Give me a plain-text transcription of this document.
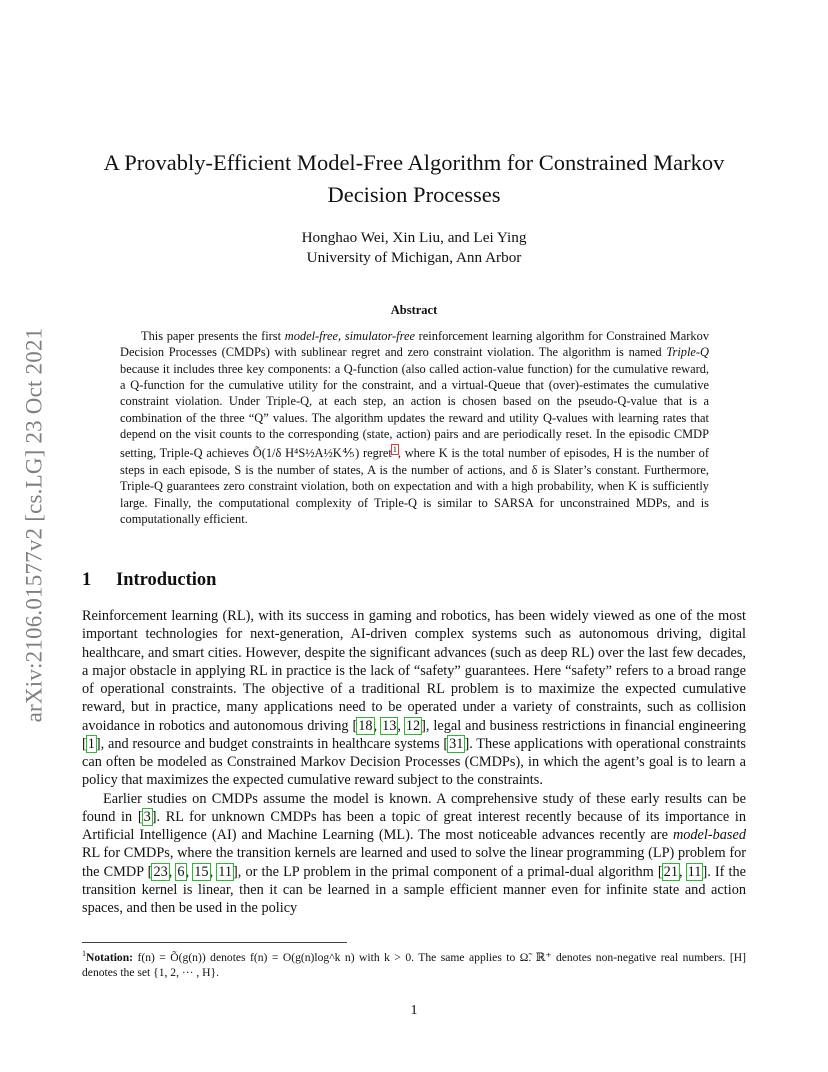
arXiv:2106.01577v2 [cs.LG] 23 Oct 2021
A Provably-Efficient Model-Free Algorithm for Constrained Markov Decision Processes
Honghao Wei, Xin Liu, and Lei Ying
University of Michigan, Ann Arbor
Abstract

This paper presents the first model-free, simulator-free reinforcement learning algorithm for Constrained Markov Decision Processes (CMDPs) with sublinear regret and zero constraint violation. The algorithm is named Triple-Q because it includes three key components: a Q-function (also called action-value function) for the cumulative reward, a Q-function for the cumulative utility for the constraint, and a virtual-Queue that (over)-estimates the cumulative constraint violation. Under Triple-Q, at each step, an action is chosen based on the pseudo-Q-value that is a combination of the three “Q” values. The algorithm updates the reward and utility Q-values with learning rates that depend on the visit counts to the corresponding (state, action) pairs and are periodically reset. In the episodic CMDP setting, Triple-Q achieves Õ(1/δ H⁴S½A½K⅘) regret$^1$, where K is the total number of episodes, H is the number of steps in each episode, S is the number of states, A is the number of actions, and δ is Slater’s constant. Furthermore, Triple-Q guarantees zero constraint violation, both on expectation and with a high probability, when K is sufficiently large. Finally, the computational complexity of Triple-Q is similar to SARSA for unconstrained MDPs, and is computationally efficient.

1 Introduction

Reinforcement learning (RL), with its success in gaming and robotics, has been widely viewed as one of the most important technologies for next-generation, AI-driven complex systems such as autonomous driving, digital healthcare, and smart cities. However, despite the significant advances (such as deep RL) over the last few decades, a major obstacle in applying RL in practice is the lack of “safety” guarantees. Here “safety” refers to a broad range of operational constraints. The objective of a traditional RL problem is to maximize the expected cumulative reward, but in practice, many applications need to be operated under a variety of constraints, such as collision avoidance in robotics and autonomous driving [18, 13, 12], legal and business restrictions in financial engineering [1], and resource and budget constraints in healthcare systems [31]. These applications with operational constraints can often be modeled as Constrained Markov Decision Processes (CMDPs), in which the agent’s goal is to learn a policy that maximizes the expected cumulative reward subject to the constraints.

Earlier studies on CMDPs assume the model is known. A comprehensive study of these early results can be found in [3]. RL for unknown CMDPs has been a topic of great interest recently because of its importance in Artificial Intelligence (AI) and Machine Learning (ML). The most noticeable advances recently are model-based RL for CMDPs, where the transition kernels are learned and used to solve the linear programming (LP) problem for the CMDP [23, 6, 15, 11], or the LP problem in the primal component of a primal-dual algorithm [21, 11]. If the transition kernel is linear, then it can be learned in a sample efficient manner even for infinite state and action spaces, and then be used in the policy

$^1$Notation: f(n) = Õ(g(n)) denotes f(n) = O(g(n)log^k n) with k > 0. The same applies to Ω̃. ℝ⁺ denotes non-negative real numbers. [H] denotes the set {1, 2, ··· , H}.
1
